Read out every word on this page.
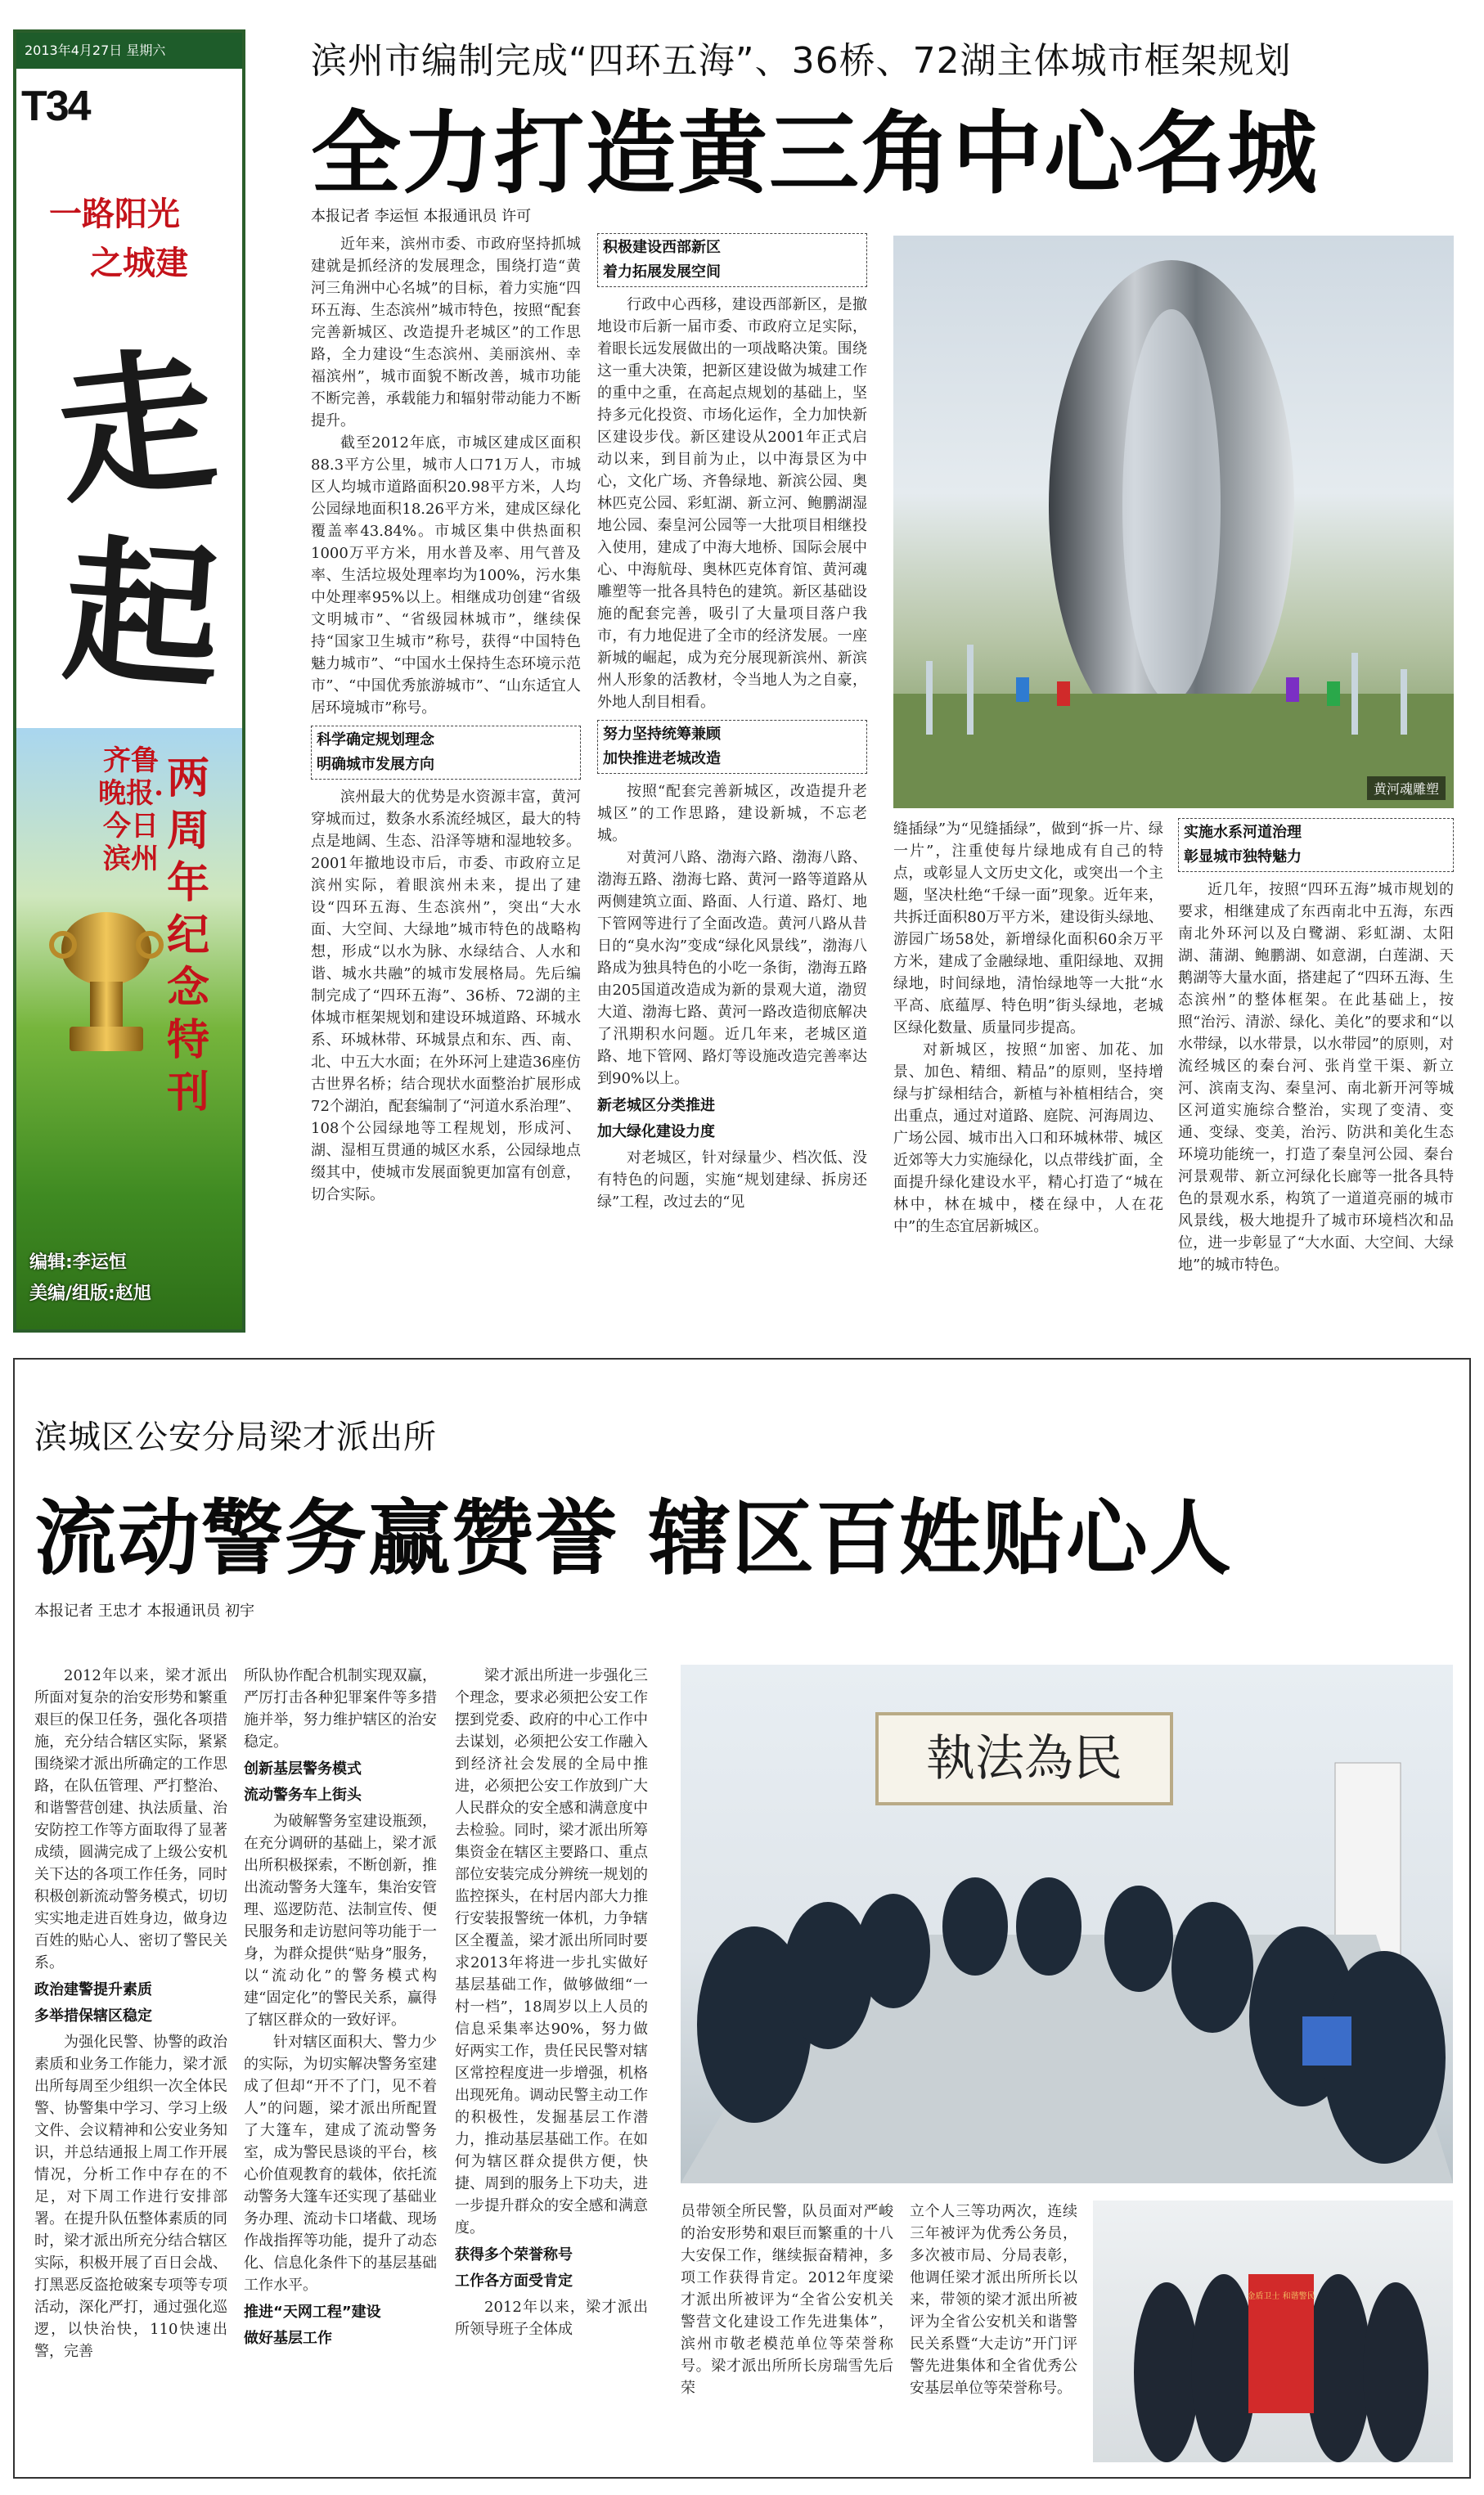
2013年4月27日 星期六
T34
一路阳光
之城建
走
起
齐鲁晚报·今日滨州
两周年纪念特刊
编辑:李运恒
美编/组版:赵旭
滨州市编制完成“四环五海”、36桥、72湖主体城市框架规划
全力打造黄三角中心名城
本报记者 李运恒 本报通讯员 许可

近年来，滨州市委、市政府坚持抓城建就是抓经济的发展理念，围绕打造“黄河三角洲中心名城”的目标，着力实施“四环五海、生态滨州”城市特色，按照“配套完善新城区、改造提升老城区”的工作思路，全力建设“生态滨州、美丽滨州、幸福滨州”，城市面貌不断改善，城市功能不断完善，承载能力和辐射带动能力不断提升。

截至2012年底，市城区建成区面积88.3平方公里，城市人口71万人，市城区人均城市道路面积20.98平方米，人均公园绿地面积18.26平方米，建成区绿化覆盖率43.84%。市城区集中供热面积1000万平方米，用水普及率、用气普及率、生活垃圾处理率均为100%，污水集中处理率95%以上。相继成功创建“省级文明城市”、“省级园林城市”，继续保持“国家卫生城市”称号，获得“中国特色魅力城市”、“中国水土保持生态环境示范市”、“中国优秀旅游城市”、“山东适宜人居环境城市”称号。

科学确定规划理念
明确城市发展方向

滨州最大的优势是水资源丰富，黄河穿城而过，数条水系流经城区，最大的特点是地阔、生态、沿泽等塘和湿地较多。2001年撤地设市后，市委、市政府立足滨州实际，着眼滨州未来，提出了建设“四环五海、生态滨州”，突出“大水面、大空间、大绿地”城市特色的战略构想，形成“以水为脉、水绿结合、人水和谐、城水共融”的城市发展格局。先后编制完成了“四环五海”、36桥、72湖的主体城市框架规划和建设环城道路、环城水系、环城林带、环城景点和东、西、南、北、中五大水面；在外环河上建造36座仿古世界名桥；结合现状水面整治扩展形成72个湖泊，配套编制了“河道水系治理”、108个公园绿地等工程规划，形成河、湖、湿相互贯通的城区水系，公园绿地点缀其中，使城市发展面貌更加富有创意，切合实际。

积极建设西部新区
着力拓展发展空间

行政中心西移，建设西部新区，是撤地设市后新一届市委、市政府立足实际，着眼长远发展做出的一项战略决策。围绕这一重大决策，把新区建设做为城建工作的重中之重，在高起点规划的基础上，坚持多元化投资、市场化运作，全力加快新区建设步伐。新区建设从2001年正式启动以来，到目前为止，以中海景区为中心，文化广场、齐鲁绿地、新滨公园、奥林匹克公园、彩虹湖、新立河、鲍鹏湖湿地公园、秦皇河公园等一大批项目相继投入使用，建成了中海大地桥、国际会展中心、中海航母、奥林匹克体育馆、黄河魂雕塑等一批各具特色的建筑。新区基础设施的配套完善，吸引了大量项目落户我市，有力地促进了全市的经济发展。一座新城的崛起，成为充分展现新滨州、新滨州人形象的活教材，令当地人为之自豪，外地人刮目相看。

努力坚持统筹兼顾
加快推进老城改造

按照“配套完善新城区，改造提升老城区”的工作思路，建设新城，不忘老城。

对黄河八路、渤海六路、渤海八路、渤海五路、渤海七路、黄河一路等道路从两侧建筑立面、路面、人行道、路灯、地下管网等进行了全面改造。黄河八路从昔日的“臭水沟”变成“绿化风景线”，渤海八路成为独具特色的小吃一条街，渤海五路由205国道改造成为新的景观大道，渤贸大道、渤海七路、黄河一路改造彻底解决了汛期积水问题。近几年来，老城区道路、地下管网、路灯等设施改造完善率达到90%以上。

新老城区分类推进
加大绿化建设力度

对老城区，针对绿量少、档次低、没有特色的问题，实施“规划建绿、拆房还绿”工程，改过去的“见

黄河魂雕塑

缝插绿”为“见缝插绿”，做到“拆一片、绿一片”，注重使每片绿地成有自己的特点，或彰显人文历史文化，或突出一个主题，坚决杜绝“千绿一面”现象。近年来，共拆迁面积80万平方米，建设街头绿地、游园广场58处，新增绿化面积60余万平方米，建成了金融绿地、重阳绿地、双拥绿地，时间绿地，清怡绿地等一大批“水平高、底蕴厚、特色明”街头绿地，老城区绿化数量、质量同步提高。

对新城区，按照“加密、加花、加景、加色、精细、精品”的原则，坚持增绿与扩绿相结合，新植与补植相结合，突出重点，通过对道路、庭院、河海周边、广场公园、城市出入口和环城林带、城区近郊等大力实施绿化，以点带线扩面，全面提升绿化建设水平，精心打造了“城在林中，林在城中，楼在绿中，人在花中”的生态宜居新城区。

实施水系河道治理
彰显城市独特魅力

近几年，按照“四环五海”城市规划的要求，相继建成了东西南北中五海，东西南北外环河以及白鹭湖、彩虹湖、太阳湖、蒲湖、鲍鹏湖、如意湖，白莲湖、天鹅湖等大量水面，搭建起了“四环五海、生态滨州”的整体框架。在此基础上，按照“治污、清淤、绿化、美化”的要求和“以水带绿，以水带景，以水带园”的原则，对流经城区的秦台河、张肖堂干渠、新立河、滨南支沟、秦皇河、南北新开河等城区河道实施综合整治，实现了变清、变通、变绿、变美，治污、防洪和美化生态环境功能统一，打造了秦皇河公园、秦台河景观带、新立河绿化长廊等一批各具特色的景观水系，构筑了一道道亮丽的城市风景线，极大地提升了城市环境档次和品位，进一步彰显了“大水面、大空间、大绿地”的城市特色。

滨城区公安分局梁才派出所
流动警务赢赞誉 辖区百姓贴心人
本报记者 王忠才 本报通讯员 初宇

2012年以来，梁才派出所面对复杂的治安形势和繁重艰巨的保卫任务，强化各项措施，充分结合辖区实际，紧紧围绕梁才派出所确定的工作思路，在队伍管理、严打整治、和谐警营创建、执法质量、治安防控工作等方面取得了显著成绩，圆满完成了上级公安机关下达的各项工作任务，同时积极创新流动警务模式，切切实实地走进百姓身边，做身边百姓的贴心人、密切了警民关系。

政治建警提升素质
多举措保辖区稳定

为强化民警、协警的政治素质和业务工作能力，梁才派出所每周至少组织一次全体民警、协警集中学习、学习上级文件、会议精神和公安业务知识，并总结通报上周工作开展情况，分析工作中存在的不足，对下周工作进行安排部署。在提升队伍整体素质的同时，梁才派出所充分结合辖区实际，积极开展了百日会战、打黑恶反盗抢破案专项等专项活动，深化严打，通过强化巡逻，以快治快，110快速出警，完善

所队协作配合机制实现双赢，严厉打击各种犯罪案件等多措施并举，努力维护辖区的治安稳定。

创新基层警务模式
流动警务车上街头

为破解警务室建设瓶颈，在充分调研的基础上，梁才派出所积极探索，不断创新，推出流动警务大篷车，集治安管理、巡逻防范、法制宣传、便民服务和走访慰问等功能于一身，为群众提供“贴身”服务，以“流动化”的警务模式构建“固定化”的警民关系，赢得了辖区群众的一致好评。

针对辖区面积大、警力少的实际，为切实解决警务室建成了但却“开不了门，见不着人”的问题，梁才派出所配置了大篷车，建成了流动警务室，成为警民恳谈的平台，核心价值观教育的载体，依托流动警务大篷车还实现了基础业务办理、流动卡口堵截、现场作战指挥等功能，提升了动态化、信息化条件下的基层基础工作水平。

推进“天网工程”建设
做好基层工作

梁才派出所进一步强化三个理念，要求必须把公安工作摆到党委、政府的中心工作中去谋划，必须把公安工作融入到经济社会发展的全局中推进，必须把公安工作放到广大人民群众的安全感和满意度中去检验。同时，梁才派出所筹集资金在辖区主要路口、重点部位安装完成分辨统一规划的监控探头，在村居内部大力推行安装报警统一体机，力争辖区全覆盖，梁才派出所同时要求2013年将进一步扎实做好基层基础工作，做够做细“一村一档”，18周岁以上人员的信息采集率达90%，努力做好两实工作，贵任民民警对辖区常控程度进一步增强，机格出现死角。调动民警主动工作的积极性，发掘基层工作潜力，推动基层基础工作。在如何为辖区群众提供方便，快捷、周到的服务上下功夫，进一步提升群众的安全感和满意度。

获得多个荣誉称号
工作各方面受肯定

2012年以来，梁才派出所领导班子全体成

執法為民

员带领全所民警，队员面对严峻的治安形势和艰巨而繁重的十八大安保工作，继续振奋精神，多项工作获得肯定。2012年度梁才派出所被评为“全省公安机关警营文化建设工作先进集体”，滨州市敬老模范单位等荣誉称号。梁才派出所所长房瑞雪先后荣

立个人三等功两次，连续三年被评为优秀公务员，多次被市局、分局表彰，他调任梁才派出所所长以来，带领的梁才派出所被评为全省公安机关和谐警民关系暨“大走访”开门评警先进集体和全省优秀公安基层单位等荣誉称号。

金盾卫士 和谐警民
